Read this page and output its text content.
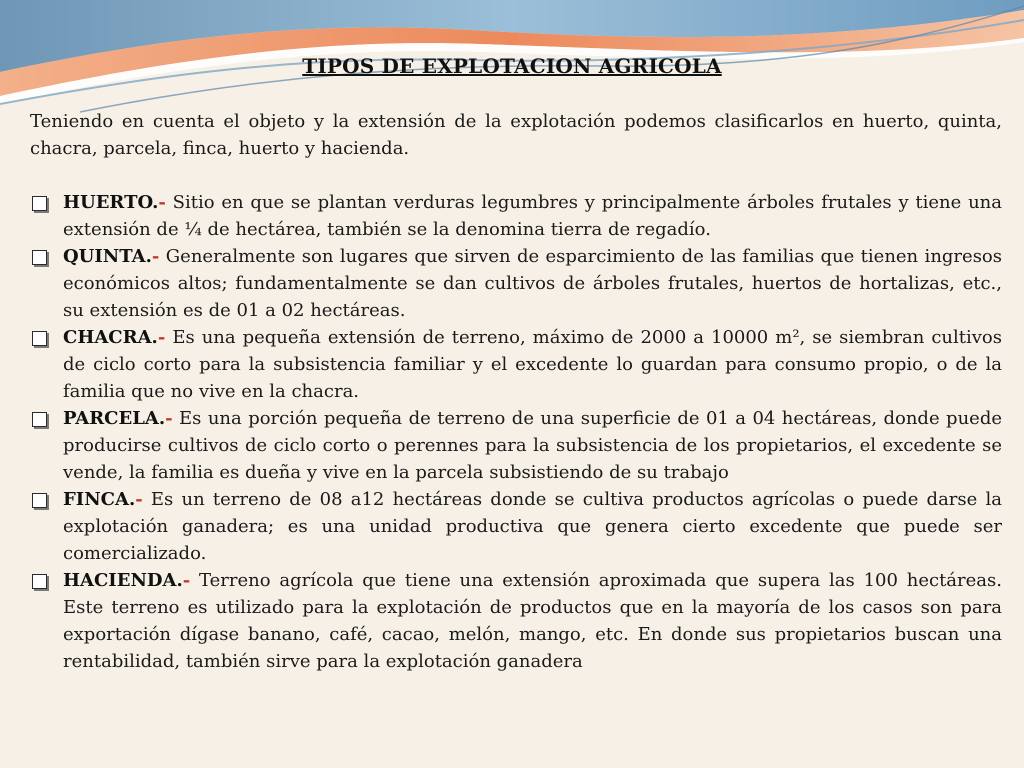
TIPOS DE EXPLOTACION AGRICOLA

Teniendo en cuenta el objeto y la extensión de la explotación podemos clasificarlos en huerto, quinta, chacra, parcela, finca, huerto y hacienda.

HUERTO.- Sitio en que se plantan verduras legumbres y principalmente árboles frutales y tiene una extensión de ¼ de hectárea, también se la denomina tierra de regadío.
QUINTA.- Generalmente son lugares que sirven de esparcimiento de las familias que tienen ingresos económicos altos; fundamentalmente se dan cultivos de árboles frutales, huertos de hortalizas, etc., su extensión es de 01 a 02 hectáreas.
CHACRA.- Es una pequeña extensión de terreno, máximo de 2000 a 10000 m², se siembran cultivos de ciclo corto para la subsistencia familiar y el excedente lo guardan para consumo propio, o de la familia que no vive en la chacra.
PARCELA.- Es una porción pequeña de terreno de una superficie de 01 a 04 hectáreas, donde puede producirse cultivos de ciclo corto o perennes para la subsistencia de los propietarios, el excedente se vende, la familia es dueña y vive en la parcela subsistiendo de su trabajo
FINCA.- Es un terreno de 08 a12 hectáreas donde se cultiva productos agrícolas o puede darse la explotación ganadera; es una unidad productiva que genera cierto excedente que puede ser comercializado.
HACIENDA.- Terreno agrícola que tiene una extensión aproximada que supera las 100 hectáreas. Este terreno es utilizado para la explotación de productos que en la mayoría de los casos son para exportación dígase banano, café, cacao, melón, mango, etc. En donde sus propietarios buscan una rentabilidad, también sirve para la explotación ganadera
